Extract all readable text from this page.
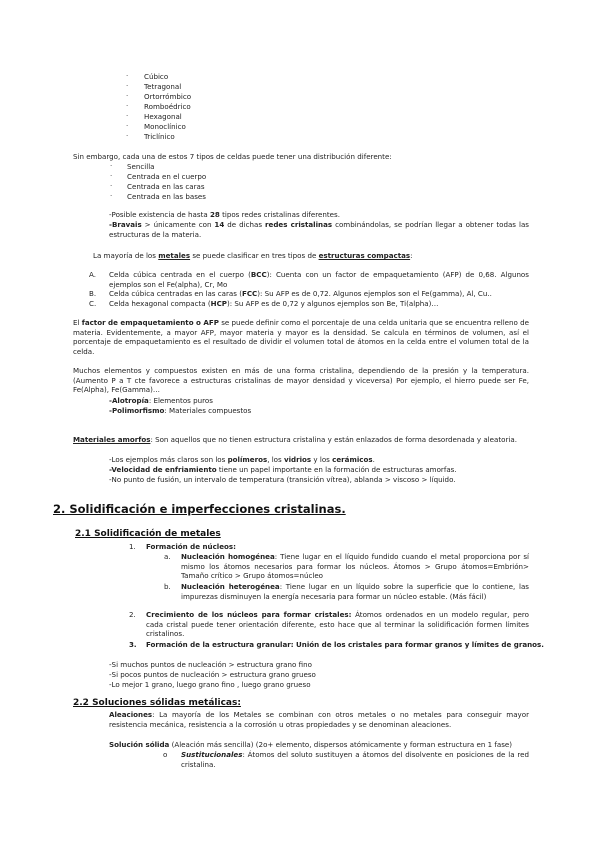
· Cúbico
· Tetragonal
· Ortorrómbico
· Romboédrico
· Hexagonal
· Monoclínico
· Triclínico
Sin embargo, cada una de estos 7 tipos de celdas puede tener una distribución diferente:
· Sencilla
· Centrada en el cuerpo
· Centrada en las caras
· Centrada en las bases
-Posible existencia de hasta 28 tipos redes cristalinas diferentes.
-Bravais > únicamente con 14 de dichas redes cristalinas combinándolas, se podrían llegar a obtener todas las estructuras de la materia.
La mayoría de los metales se puede clasificar en tres tipos de estructuras compactas:
A. Celda cúbica centrada en el cuerpo (BCC): Cuenta con un factor de empaquetamiento (AFP) de 0,68. Algunos ejemplos son el Fe(alpha), Cr, Mo
B. Celda cúbica centradas en las caras (FCC): Su AFP es de 0,72. Algunos ejemplos son el Fe(gamma), Al, Cu..
C. Celda hexagonal compacta (HCP): Su AFP es de 0,72 y algunos ejemplos son Be, Ti(alpha)…
El factor de empaquetamiento o AFP se puede definir como el porcentaje de una celda unitaria que se encuentra relleno de materia. Evidentemente, a mayor AFP, mayor materia y mayor es la densidad. Se calcula en términos de volumen, así el porcentaje de empaquetamiento es el resultado de dividir el volumen total de átomos en la celda entre el volumen total de la celda.
Muchos elementos y compuestos existen en más de una forma cristalina, dependiendo de la presión y la temperatura. (Aumento P a T cte favorece a estructuras cristalinas de mayor densidad y viceversa) Por ejemplo, el hierro puede ser Fe, Fe(Alpha), Fe(Gamma)…
-Alotropía: Elementos puros
-Polimorfismo: Materiales compuestos
Materiales amorfos: Son aquellos que no tienen estructura cristalina y están enlazados de forma desordenada y aleatoria.
-Los ejemplos más claros son los polímeros, los vidrios y los cerámicos.
-Velocidad de enfriamiento tiene un papel importante en la formación de estructuras amorfas.
-No punto de fusión, un intervalo de temperatura (transición vítrea), ablanda > viscoso > líquido.
2. Solidificación e imperfecciones cristalinas.
2.1 Solidificación de metales
1. Formación de núcleos:
a. Nucleación homogénea: Tiene lugar en el líquido fundido cuando el metal proporciona por sí mismo los átomos necesarios para formar los núcleos. Átomos > Grupo átomos=Embrión> Tamaño crítico > Grupo átomos=núcleo
b. Nucleación heterogénea: Tiene lugar en un líquido sobre la superficie que lo contiene, las impurezas disminuyen la energía necesaria para formar un núcleo estable. (Más fácil)
2. Crecimiento de los núcleos para formar cristales: Átomos ordenados en un modelo regular, pero cada cristal puede tener orientación diferente, esto hace que al terminar la solidificación formen límites cristalinos.
3. Formación de la estructura granular: Unión de los cristales para formar granos y límites de granos.
-Si muchos puntos de nucleación > estructura grano fino
-Si pocos puntos de nucleación > estructura grano grueso
-Lo mejor 1 grano, luego grano fino , luego grano grueso
2.2 Soluciones sólidas metálicas:
Aleaciones: La mayoría de los Metales se combinan con otros metales o no metales para conseguir mayor resistencia mecánica, resistencia a la corrosión u otras propiedades y se denominan aleaciones.
Solución sólida (Aleación más sencilla) (2o+ elemento, dispersos atómicamente y forman estructura en 1 fase)
o Sustitucionales: Átomos del soluto sustituyen a átomos del disolvente en posiciones de la red cristalina.
